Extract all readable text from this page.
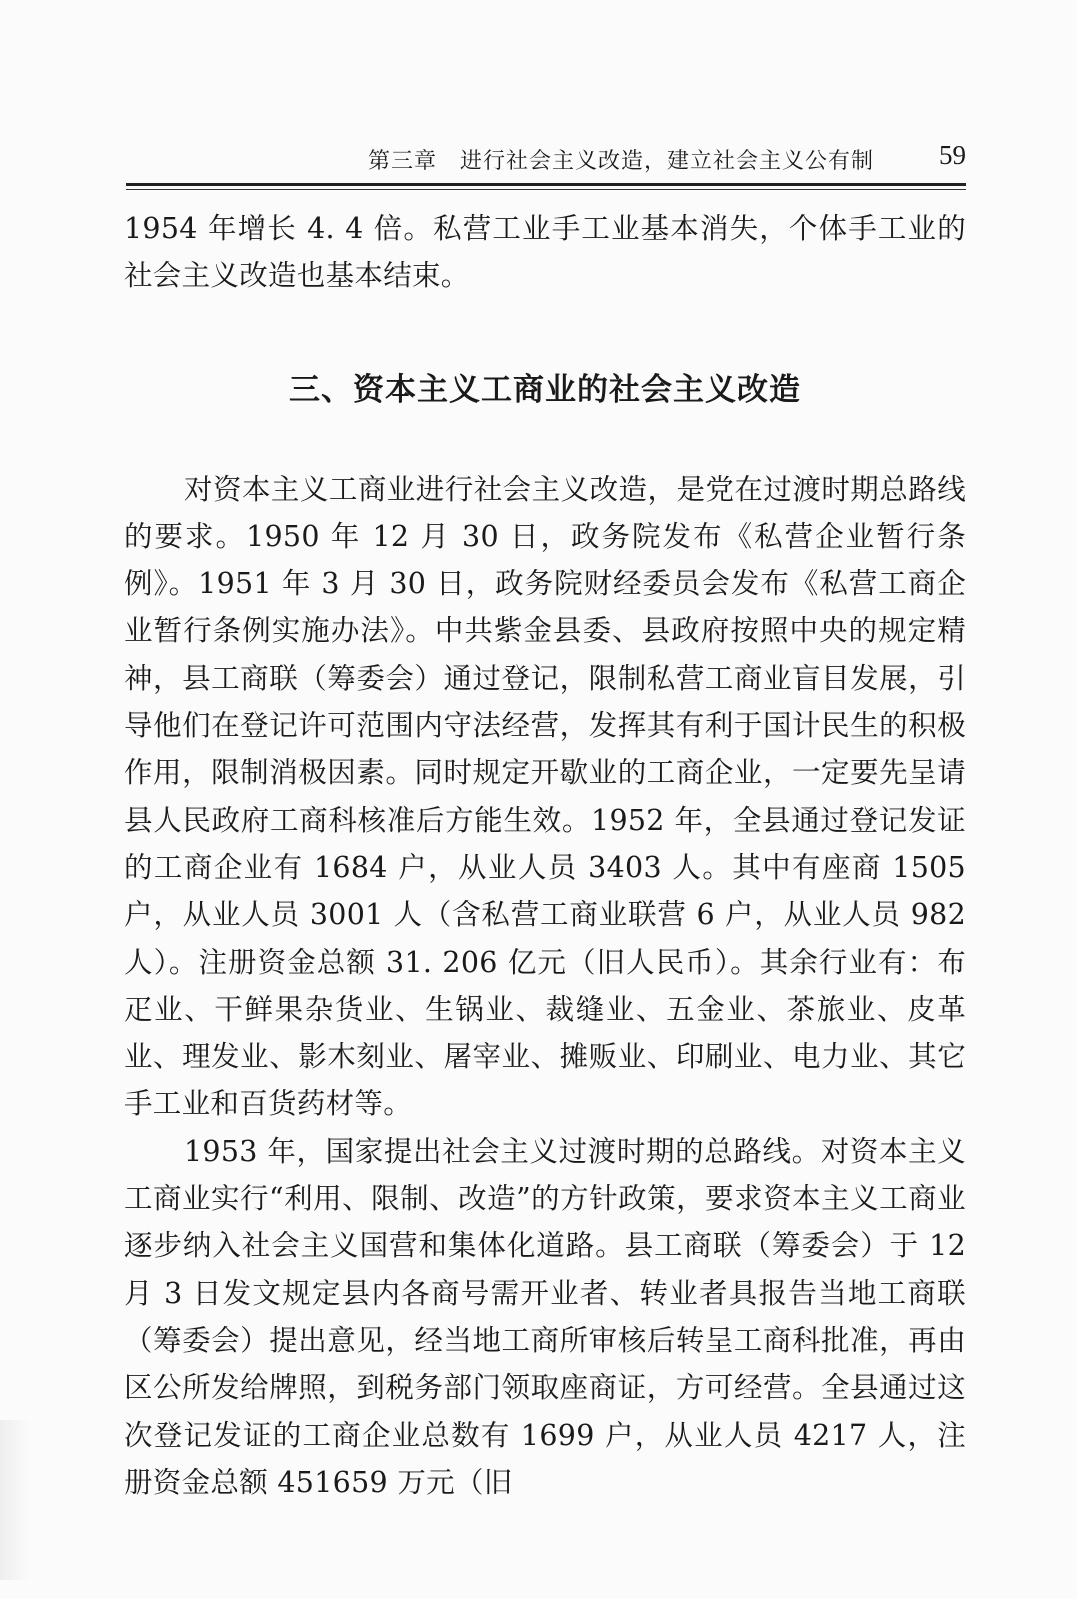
第三章　进行社会主义改造，建立社会主义公有制 59

1954 年增长 4. 4 倍。私营工业手工业基本消失，个体手工业的社会主义改造也基本结束。

三、资本主义工商业的社会主义改造

对资本主义工商业进行社会主义改造，是党在过渡时期总路线的要求。1950 年 12 月 30 日，政务院发布《私营企业暂行条例》。1951 年 3 月 30 日，政务院财经委员会发布《私营工商企业暂行条例实施办法》。中共紫金县委、县政府按照中央的规定精神，县工商联（筹委会）通过登记，限制私营工商业盲目发展，引导他们在登记许可范围内守法经营，发挥其有利于国计民生的积极作用，限制消极因素。同时规定开歇业的工商企业，一定要先呈请县人民政府工商科核准后方能生效。1952 年，全县通过登记发证的工商企业有 1684 户，从业人员 3403 人。其中有座商 1505 户，从业人员 3001 人（含私营工商业联营 6 户，从业人员 982 人）。注册资金总额 31. 206 亿元（旧人民币）。其余行业有：布疋业、干鲜果杂货业、生锅业、裁缝业、五金业、茶旅业、皮革业、理发业、影木刻业、屠宰业、摊贩业、印刷业、电力业、其它手工业和百货药材等。

1953 年，国家提出社会主义过渡时期的总路线。对资本主义工商业实行“利用、限制、改造”的方针政策，要求资本主义工商业逐步纳入社会主义国营和集体化道路。县工商联（筹委会）于 12 月 3 日发文规定县内各商号需开业者、转业者具报告当地工商联（筹委会）提出意见，经当地工商所审核后转呈工商科批准，再由区公所发给牌照，到税务部门领取座商证，方可经营。全县通过这次登记发证的工商企业总数有 1699 户，从业人员 4217 人，注册资金总额 451659 万元（旧
